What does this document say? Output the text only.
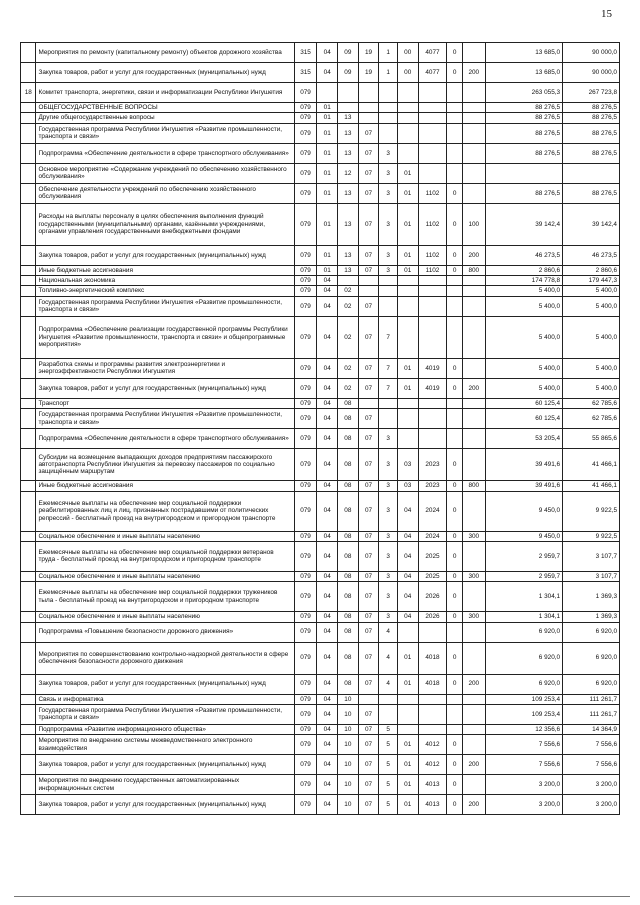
15
	Мероприятия по ремонту (капитальному ремонту) объектов дорожного хозяйства	315	04	09	19	1	00	4077	0		13 685,0	90 000,0
	Закупка товаров, работ и услуг для государственных (муниципальных) нужд	315	04	09	19	1	00	4077	0	200	13 685,0	90 000,0
18	Комитет транспорта, энергетики, связи и информатизации Республики Ингушетия	079									263 055,3	267 723,8
	ОБЩЕГОСУДАРСТВЕННЫЕ ВОПРОСЫ	079	01								88 276,5	88 276,5
	Другие общегосударственные вопросы	079	01	13							88 276,5	88 276,5
	Государственная программа Республики Ингушетия «Развитие промышленности, транспорта и связи»	079	01	13	07						88 276,5	88 276,5
	Подпрограмма «Обеспечение деятельности в сфере транспортного обслуживания»	079	01	13	07	3					88 276,5	88 276,5
	Основное мероприятие «Содержание учреждений по обеспечению хозяйственного обслуживания»	079	01	12	07	3	01					
	Обеспечение деятельности учреждений по обеспечению хозяйственного обслуживания	079	01	13	07	3	01	1102	0		88 276,5	88 276,5
	Расходы на выплаты персоналу в целях обеспечения выполнения функций государственными (муниципальными) органами, казёнными учреждениями, органами управления государственными внебюджетными фондами	079	01	13	07	3	01	1102	0	100	39 142,4	39 142,4
	Закупка товаров, работ и услуг для государственных (муниципальных) нужд	079	01	13	07	3	01	1102	0	200	46 273,5	46 273,5
	Иные бюджетные ассигнования	079	01	13	07	3	01	1102	0	800	2 860,6	2 860,6
	Национальная экономика	079	04								174 778,8	179 447,3
	Топливно-энергетический комплекс	079	04	02							5 400,0	5 400,0
	Государственная программа Республики Ингушетия «Развитие промышленности, транспорта и связи»	079	04	02	07						5 400,0	5 400,0
	Подпрограмма «Обеспечение реализации государственной программы Республики Ингушетия «Развитие промышленности, транспорта и связи» и общепрограммные мероприятия»	079	04	02	07	7					5 400,0	5 400,0
	Разработка схемы и программы развития электроэнергетики и энергоэффективности Республики Ингушетия	079	04	02	07	7	01	4019	0		5 400,0	5 400,0
	Закупка товаров, работ и услуг для государственных (муниципальных) нужд	079	04	02	07	7	01	4019	0	200	5 400,0	5 400,0
	Транспорт	079	04	08							60 125,4	62 785,6
	Государственная программа Республики Ингушетия «Развитие промышленности, транспорта и связи»	079	04	08	07						60 125,4	62 785,6
	Подпрограмма «Обеспечение деятельности в сфере транспортного обслуживания»	079	04	08	07	3					53 205,4	55 865,6
	Субсидии на возмещение выпадающих доходов предприятиям пассажирского автотранспорта Республики Ингушетия за перевозку пассажиров по социально защищённым маршрутам	079	04	08	07	3	03	2023	0		39 491,6	41 466,1
	Иные бюджетные ассигнования	079	04	08	07	3	03	2023	0	800	39 491,6	41 466,1
	Ежемесячные выплаты на обеспечение мер социальной поддержки реабилитированных лиц и лиц, признанных пострадавшими от политических репрессий - бесплатный проезд на внутригородском и пригородном транспорте	079	04	08	07	3	04	2024	0		9 450,0	9 922,5
	Социальное обеспечение и иные выплаты населению	079	04	08	07	3	04	2024	0	300	9 450,0	9 922,5
	Ежемесячные выплаты на обеспечение мер социальной поддержки ветеранов труда - бесплатный проезд на внутригородском и пригородном транспорте	079	04	08	07	3	04	2025	0		2 959,7	3 107,7
	Социальное обеспечение и иные выплаты населению	079	04	08	07	3	04	2025	0	300	2 959,7	3 107,7
	Ежемесячные выплаты на обеспечение мер социальной поддержки тружеников тыла - бесплатный проезд на внутригородском и пригородном транспорте	079	04	08	07	3	04	2026	0		1 304,1	1 369,3
	Социальное обеспечение и иные выплаты населению	079	04	08	07	3	04	2026	0	300	1 304,1	1 369,3
	Подпрограмма «Повышение безопасности дорожного движения»	079	04	08	07	4					6 920,0	6 920,0
	Мероприятия по совершенствованию контрольно-надзорной деятельности в сфере обеспечения безопасности дорожного движения	079	04	08	07	4	01	4018	0		6 920,0	6 920,0
	Закупка товаров, работ и услуг для государственных (муниципальных) нужд	079	04	08	07	4	01	4018	0	200	6 920,0	6 920,0
	Связь и информатика	079	04	10							109 253,4	111 261,7
	Государственная программа Республики Ингушетия «Развитие промышленности, транспорта и связи»	079	04	10	07						109 253,4	111 261,7
	Подпрограмма «Развитие информационного общества»	079	04	10	07	5					12 356,6	14 364,9
	Мероприятия по внедрению системы межведомственного электронного взаимодействия	079	04	10	07	5	01	4012	0		7 556,6	7 556,6
	Закупка товаров, работ и услуг для государственных (муниципальных) нужд	079	04	10	07	5	01	4012	0	200	7 556,6	7 556,6
	Мероприятия по внедрению государственных автоматизированных информационных систем	079	04	10	07	5	01	4013	0		3 200,0	3 200,0
	Закупка товаров, работ и услуг для государственных (муниципальных) нужд	079	04	10	07	5	01	4013	0	200	3 200,0	3 200,0
